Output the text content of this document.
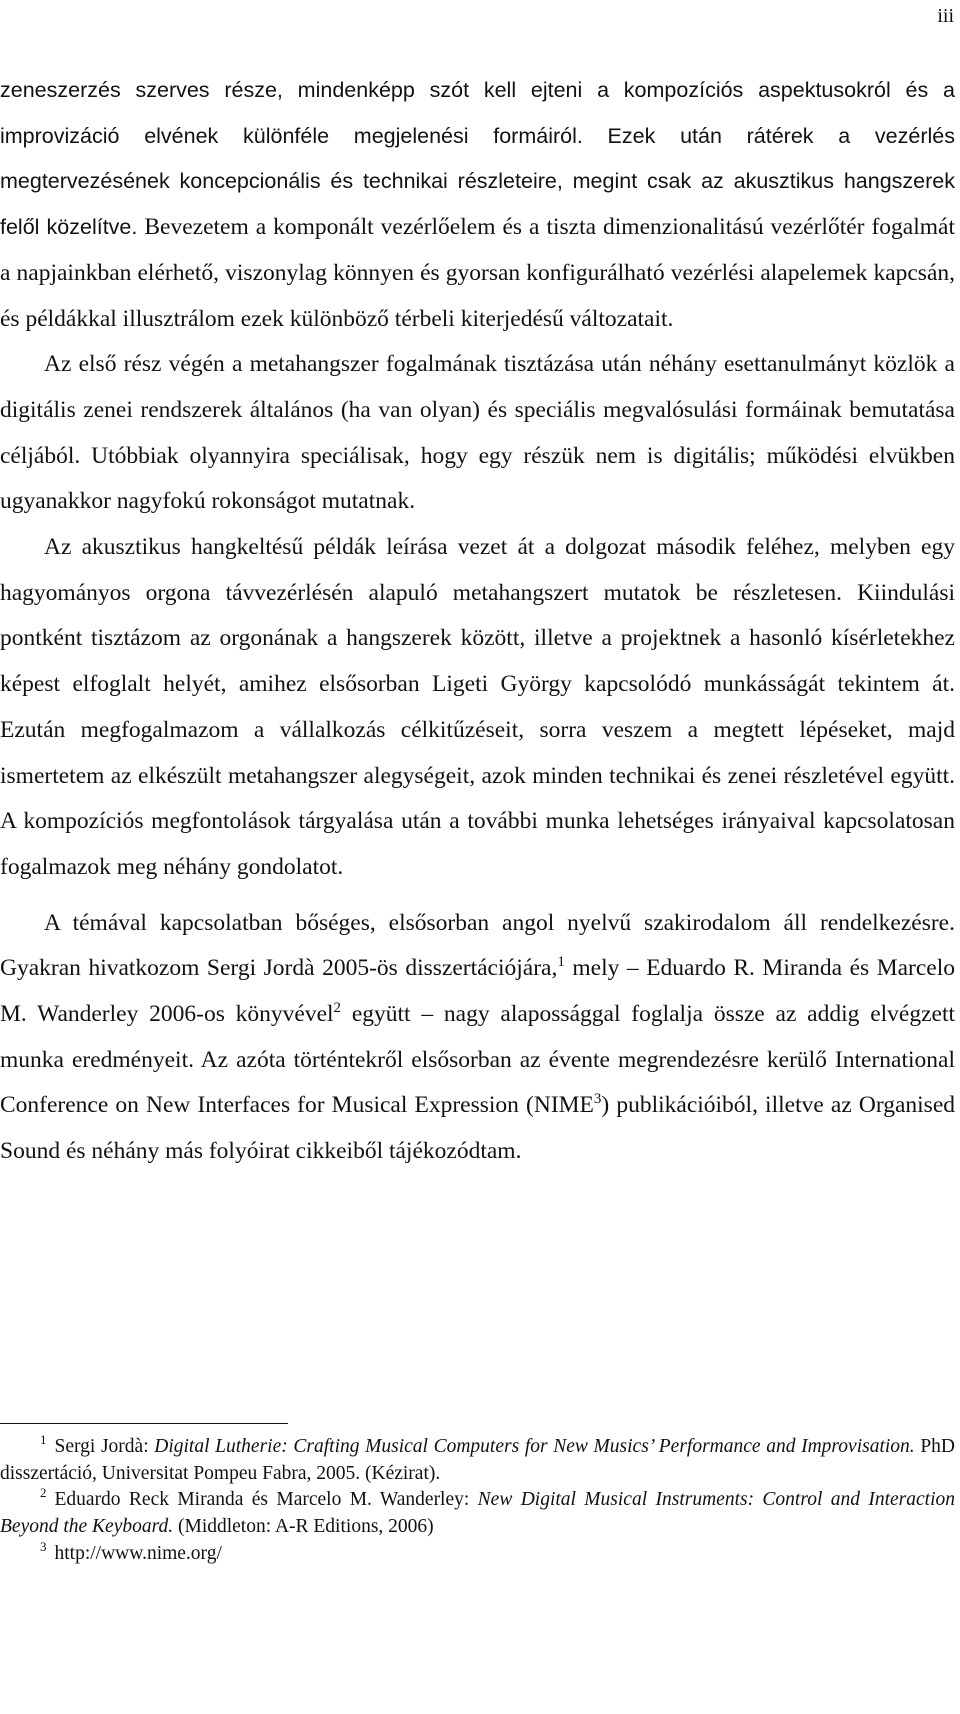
iii

zeneszerzés szerves része, mindenképp szót kell ejteni a kompozíciós aspektusokról és a improvizáció elvének különféle megjelenési formáiról. Ezek után rátérek a vezérlés megtervezésének koncepcionális és technikai részleteire, megint csak az akusztikus hangszerek felől közelítve. Bevezetem a komponált vezérlőelem és a tiszta dimenzionalitású vezérlőtér fogalmát a napjainkban elérhető, viszonylag könnyen és gyorsan konfigurálható vezérlési alapelemek kapcsán, és példákkal illusztrálom ezek különböző térbeli kiterjedésű változatait.

Az első rész végén a metahangszer fogalmának tisztázása után néhány esettanulmányt közlök a digitális zenei rendszerek általános (ha van olyan) és speciális megvalósulási formáinak bemutatása céljából. Utóbbiak olyannyira speciálisak, hogy egy részük nem is digitális; működési elvükben ugyanakkor nagyfokú rokonságot mutatnak.

Az akusztikus hangkeltésű példák leírása vezet át a dolgozat második feléhez, melyben egy hagyományos orgona távvezérlésén alapuló metahangszert mutatok be részletesen. Kiindulási pontként tisztázom az orgonának a hangszerek között, illetve a projektnek a hasonló kísérletekhez képest elfoglalt helyét, amihez elsősorban Ligeti György kapcsolódó munkásságát tekintem át. Ezután megfogalmazom a vállalkozás célkitűzéseit, sorra veszem a megtett lépéseket, majd ismertetem az elkészült metahangszer alegységeit, azok minden technikai és zenei részletével együtt. A kompozíciós megfontolások tárgyalása után a további munka lehetséges irányaival kapcsolatosan fogalmazok meg néhány gondolatot.

A témával kapcsolatban bőséges, elsősorban angol nyelvű szakirodalom áll rendelkezésre. Gyakran hivatkozom Sergi Jordà 2005-ös disszertációjára,$^1$ mely – Eduardo R. Miranda és Marcelo M. Wanderley 2006-os könyvével$^2$ együtt – nagy alapossággal foglalja össze az addig elvégzett munka eredményeit. Az azóta történtekről elsősorban az évente megrendezésre kerülő International Conference on New Interfaces for Musical Expression (NIME$^3$) publikációiból, illetve az Organised Sound és néhány más folyóirat cikkeiből tájékozódtam.

$^1$ Sergi Jordà: Digital Lutherie: Crafting Musical Computers for New Musics’ Performance and Improvisation. PhD disszertáció, Universitat Pompeu Fabra, 2005. (Kézirat).

$^2$ Eduardo Reck Miranda és Marcelo M. Wanderley: New Digital Musical Instruments: Control and Interaction Beyond the Keyboard. (Middleton: A-R Editions, 2006)

$^3$ http://www.nime.org/
